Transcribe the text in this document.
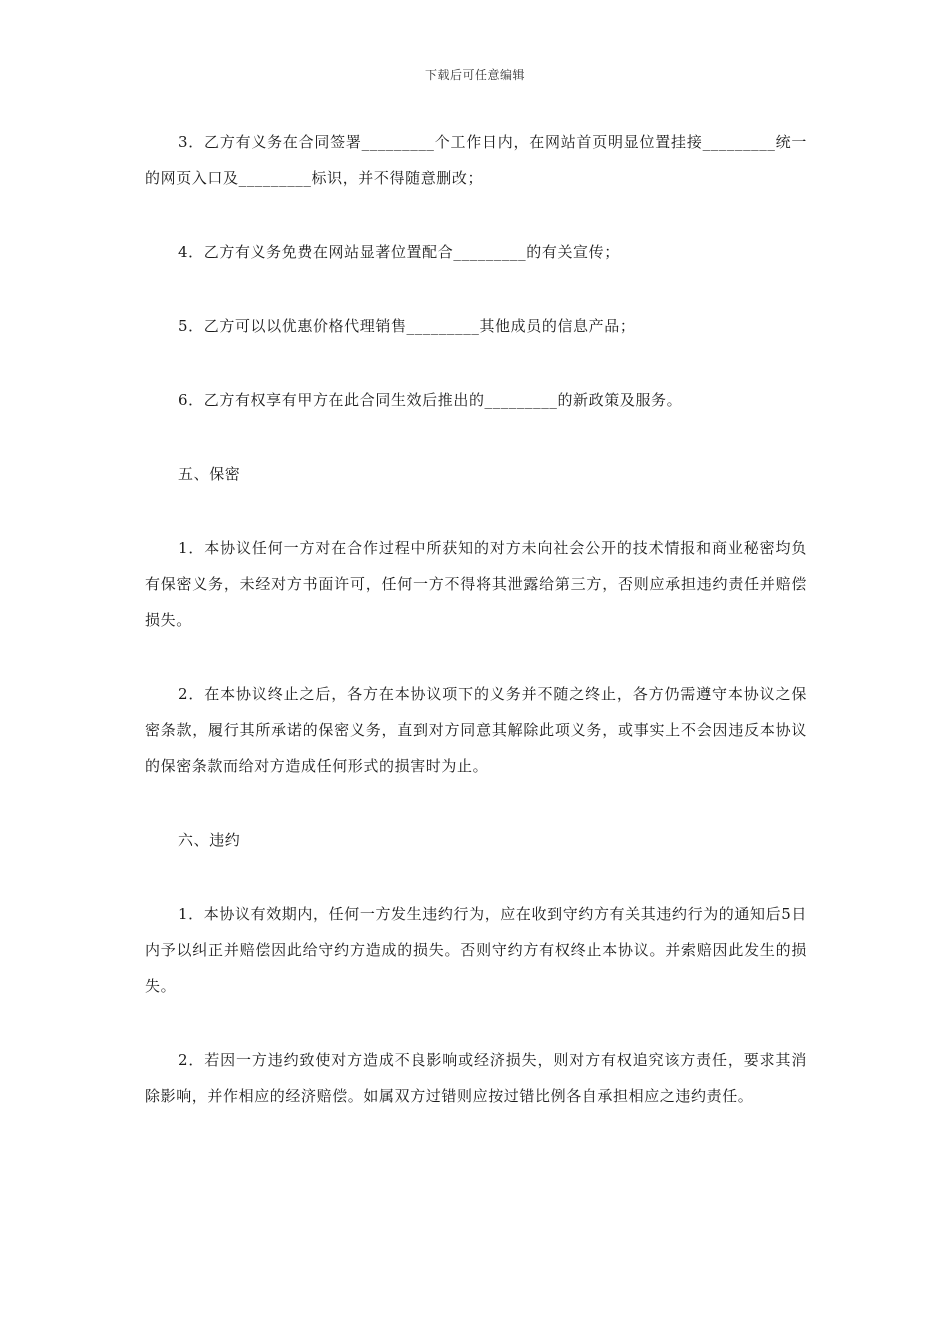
下载后可任意编辑

3．乙方有义务在合同签署_________个工作日内，在网站首页明显位置挂接_________统一的网页入口及_________标识，并不得随意删改；

4．乙方有义务免费在网站显著位置配合_________的有关宣传；

5．乙方可以以优惠价格代理销售_________其他成员的信息产品；

6．乙方有权享有甲方在此合同生效后推出的_________的新政策及服务。

五、保密

1．本协议任何一方对在合作过程中所获知的对方未向社会公开的技术情报和商业秘密均负有保密义务，未经对方书面许可，任何一方不得将其泄露给第三方，否则应承担违约责任并赔偿损失。

2．在本协议终止之后，各方在本协议项下的义务并不随之终止，各方仍需遵守本协议之保密条款，履行其所承诺的保密义务，直到对方同意其解除此项义务，或事实上不会因违反本协议的保密条款而给对方造成任何形式的损害时为止。

六、违约

1．本协议有效期内，任何一方发生违约行为，应在收到守约方有关其违约行为的通知后5日内予以纠正并赔偿因此给守约方造成的损失。否则守约方有权终止本协议。并索赔因此发生的损失。

2．若因一方违约致使对方造成不良影响或经济损失，则对方有权追究该方责任，要求其消除影响，并作相应的经济赔偿。如属双方过错则应按过错比例各自承担相应之违约责任。
